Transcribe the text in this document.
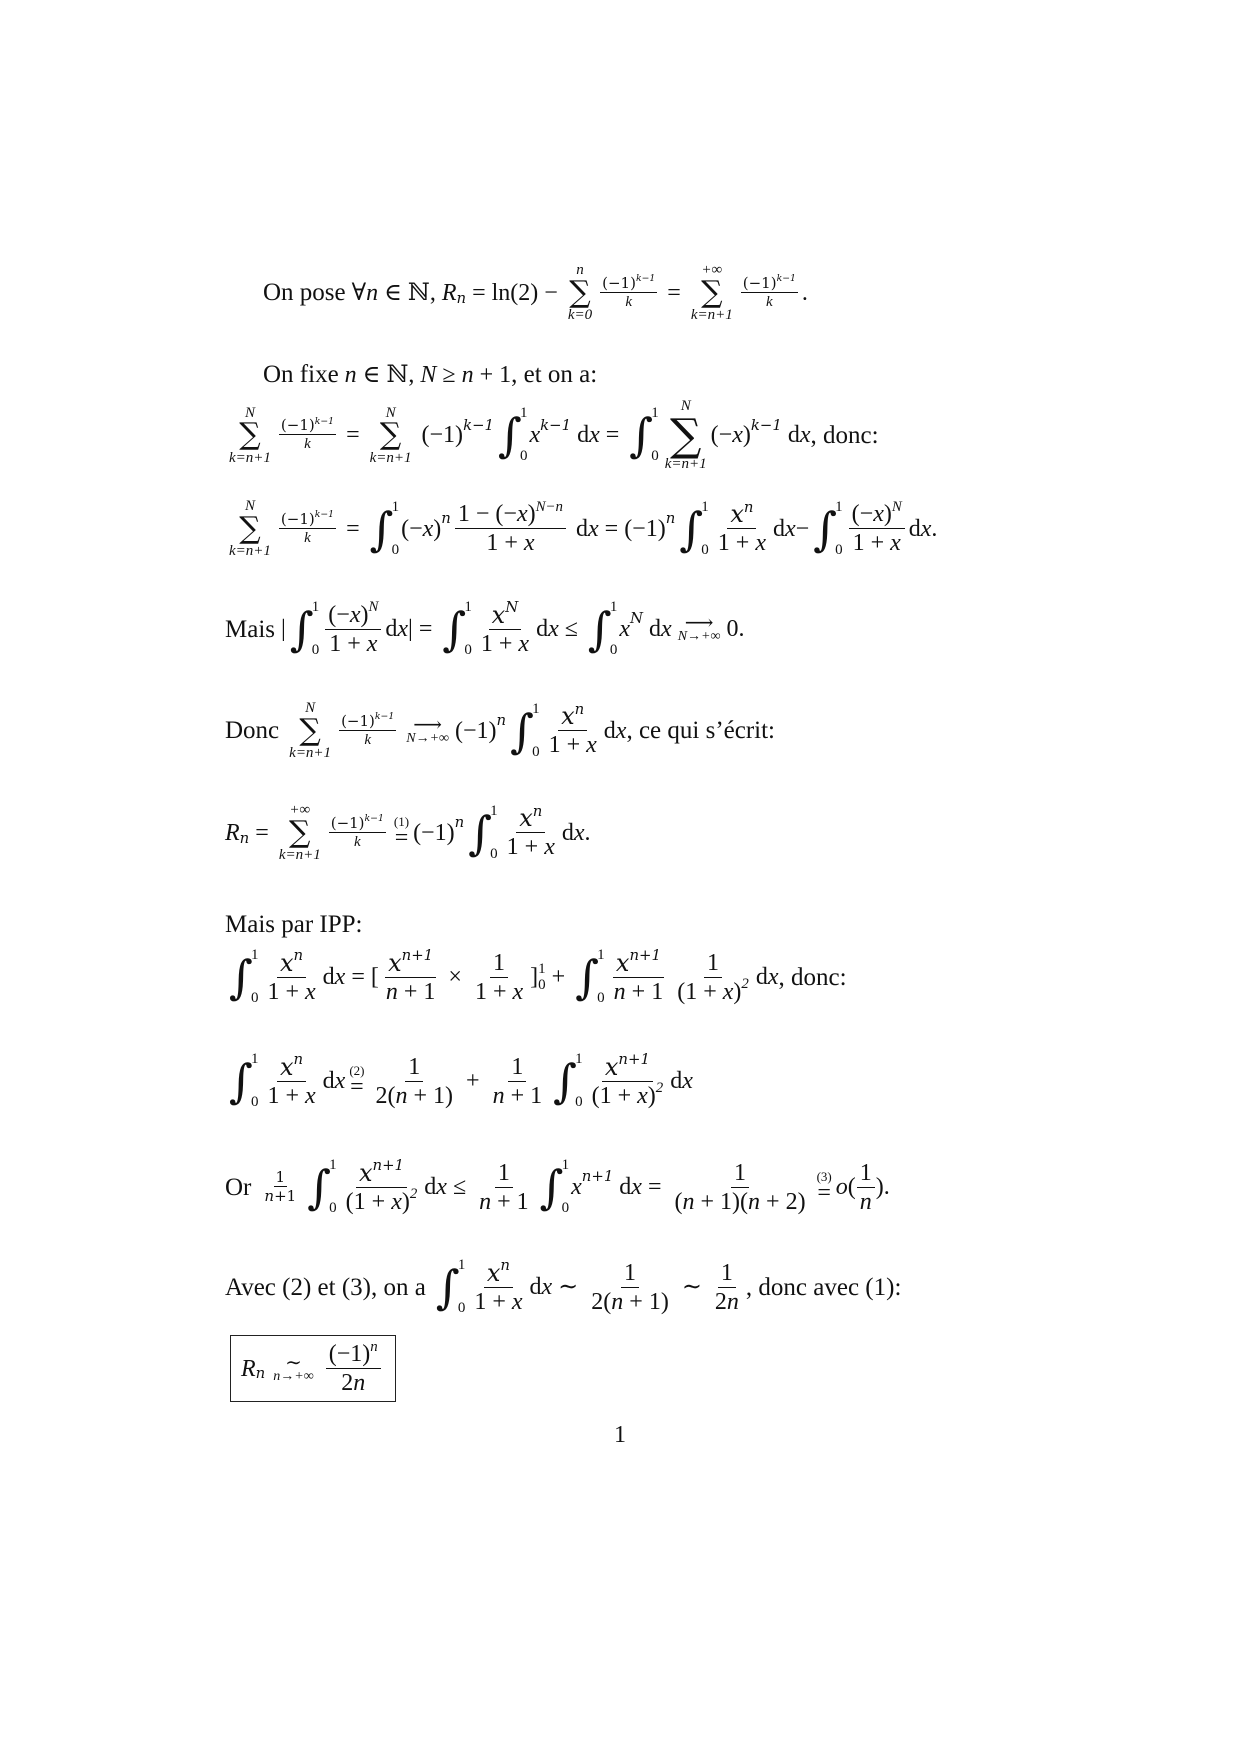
On pose ∀ n ∈ ℕ, $R_n = \ln(2)$ −
n
∑
k=0
$\frac{(-1)^{k-1}}{k}$ =
+∞
∑
k=n+1
$\frac{(-1)^{k-1}}{k}$ .
On fixe n ∈ ℕ, N ≥ n + 1 , et on a:
N
∑
k=n+1
$\frac{(-1)^{k-1}}{k}$ =
N
∑
k=n+1
$(-1)^{k-1}$ ∫
1
0
$x^{k-1}$ d x = ∫
1
0
N
∑
k=n+1
(− x )$^{k-1}$ d x , donc:
N
∑
k=n+1
$\frac{(-1)^{k-1}}{k}$ = ∫
1
0
(− x )$^n \frac{1 - (-x)^{N-n}}{1 + x}$ d $x = (-1)^n$ ∫
1
$0 \frac{x^n}{1 + x}$ d x − ∫
1
$0 \frac{(-x)^N}{1 + x}$ d x .
Mais | ∫
1
$0 \frac{(-x)^N}{1 + x}$ d x | = ∫
1
$0 \frac{x^N}{1 + x}$ d x ≤ ∫
1
0
$x^N$ d x ⟶
N→+∞ 0.
Donc
N
∑
k=n+1
$\frac{(-1)^{k-1}}{k}$ ⟶
N→+∞ $(-1)^n$ ∫
1
$0 \frac{x^n}{1 + x}$ d x , ce qui s’écrit:
$R_n$ =
+∞
∑
k=n+1
$\frac{(-1)^{k-1}}{k} (1)$
= $(-1)^n$ ∫
1
$0 \frac{x^n}{1 + x}$ d x .
Mais par IPP:
∫
1
$0 \frac{x^n}{1 + x}$ d x = [ $\frac{x^{n+1}}{n + 1} \times \frac{1}{1 + x}$ ] 1
0 + ∫
1
$0 \frac{x^{n+1}}{n + 1} \frac{1}{(1 + x)^2}$ d x , donc:
∫
1
$0 \frac{x^n}{1 + x}$ d x (2)
= $\frac{1}{2(n + 1)} + \frac{1}{n + 1}$ ∫
1
$0 \frac{x^{n+1}}{(1 + x)^2}$ d x
Or $\frac{1}{n+1}$ ∫
1
$0 \frac{x^{n+1}}{(1 + x)^2}$ d $x \le \frac{1}{n + 1}$ ∫
1
0
$x^{n+1}$ d $x = \frac{1}{(n + 1)(n + 2)} (3)$
= o ( $\frac{1}{n}$ ).
Avec (2) et (3), on a ∫
1
$0 \frac{x^n}{1 + x}$ d x ∼ $\frac{1}{2(n + 1)}$ ∼ $\frac{1}{2n}$ , donc avec (1):
$R_n$ ∼
$n\to+\infty \frac{(-1)^n}{2n}$
1
